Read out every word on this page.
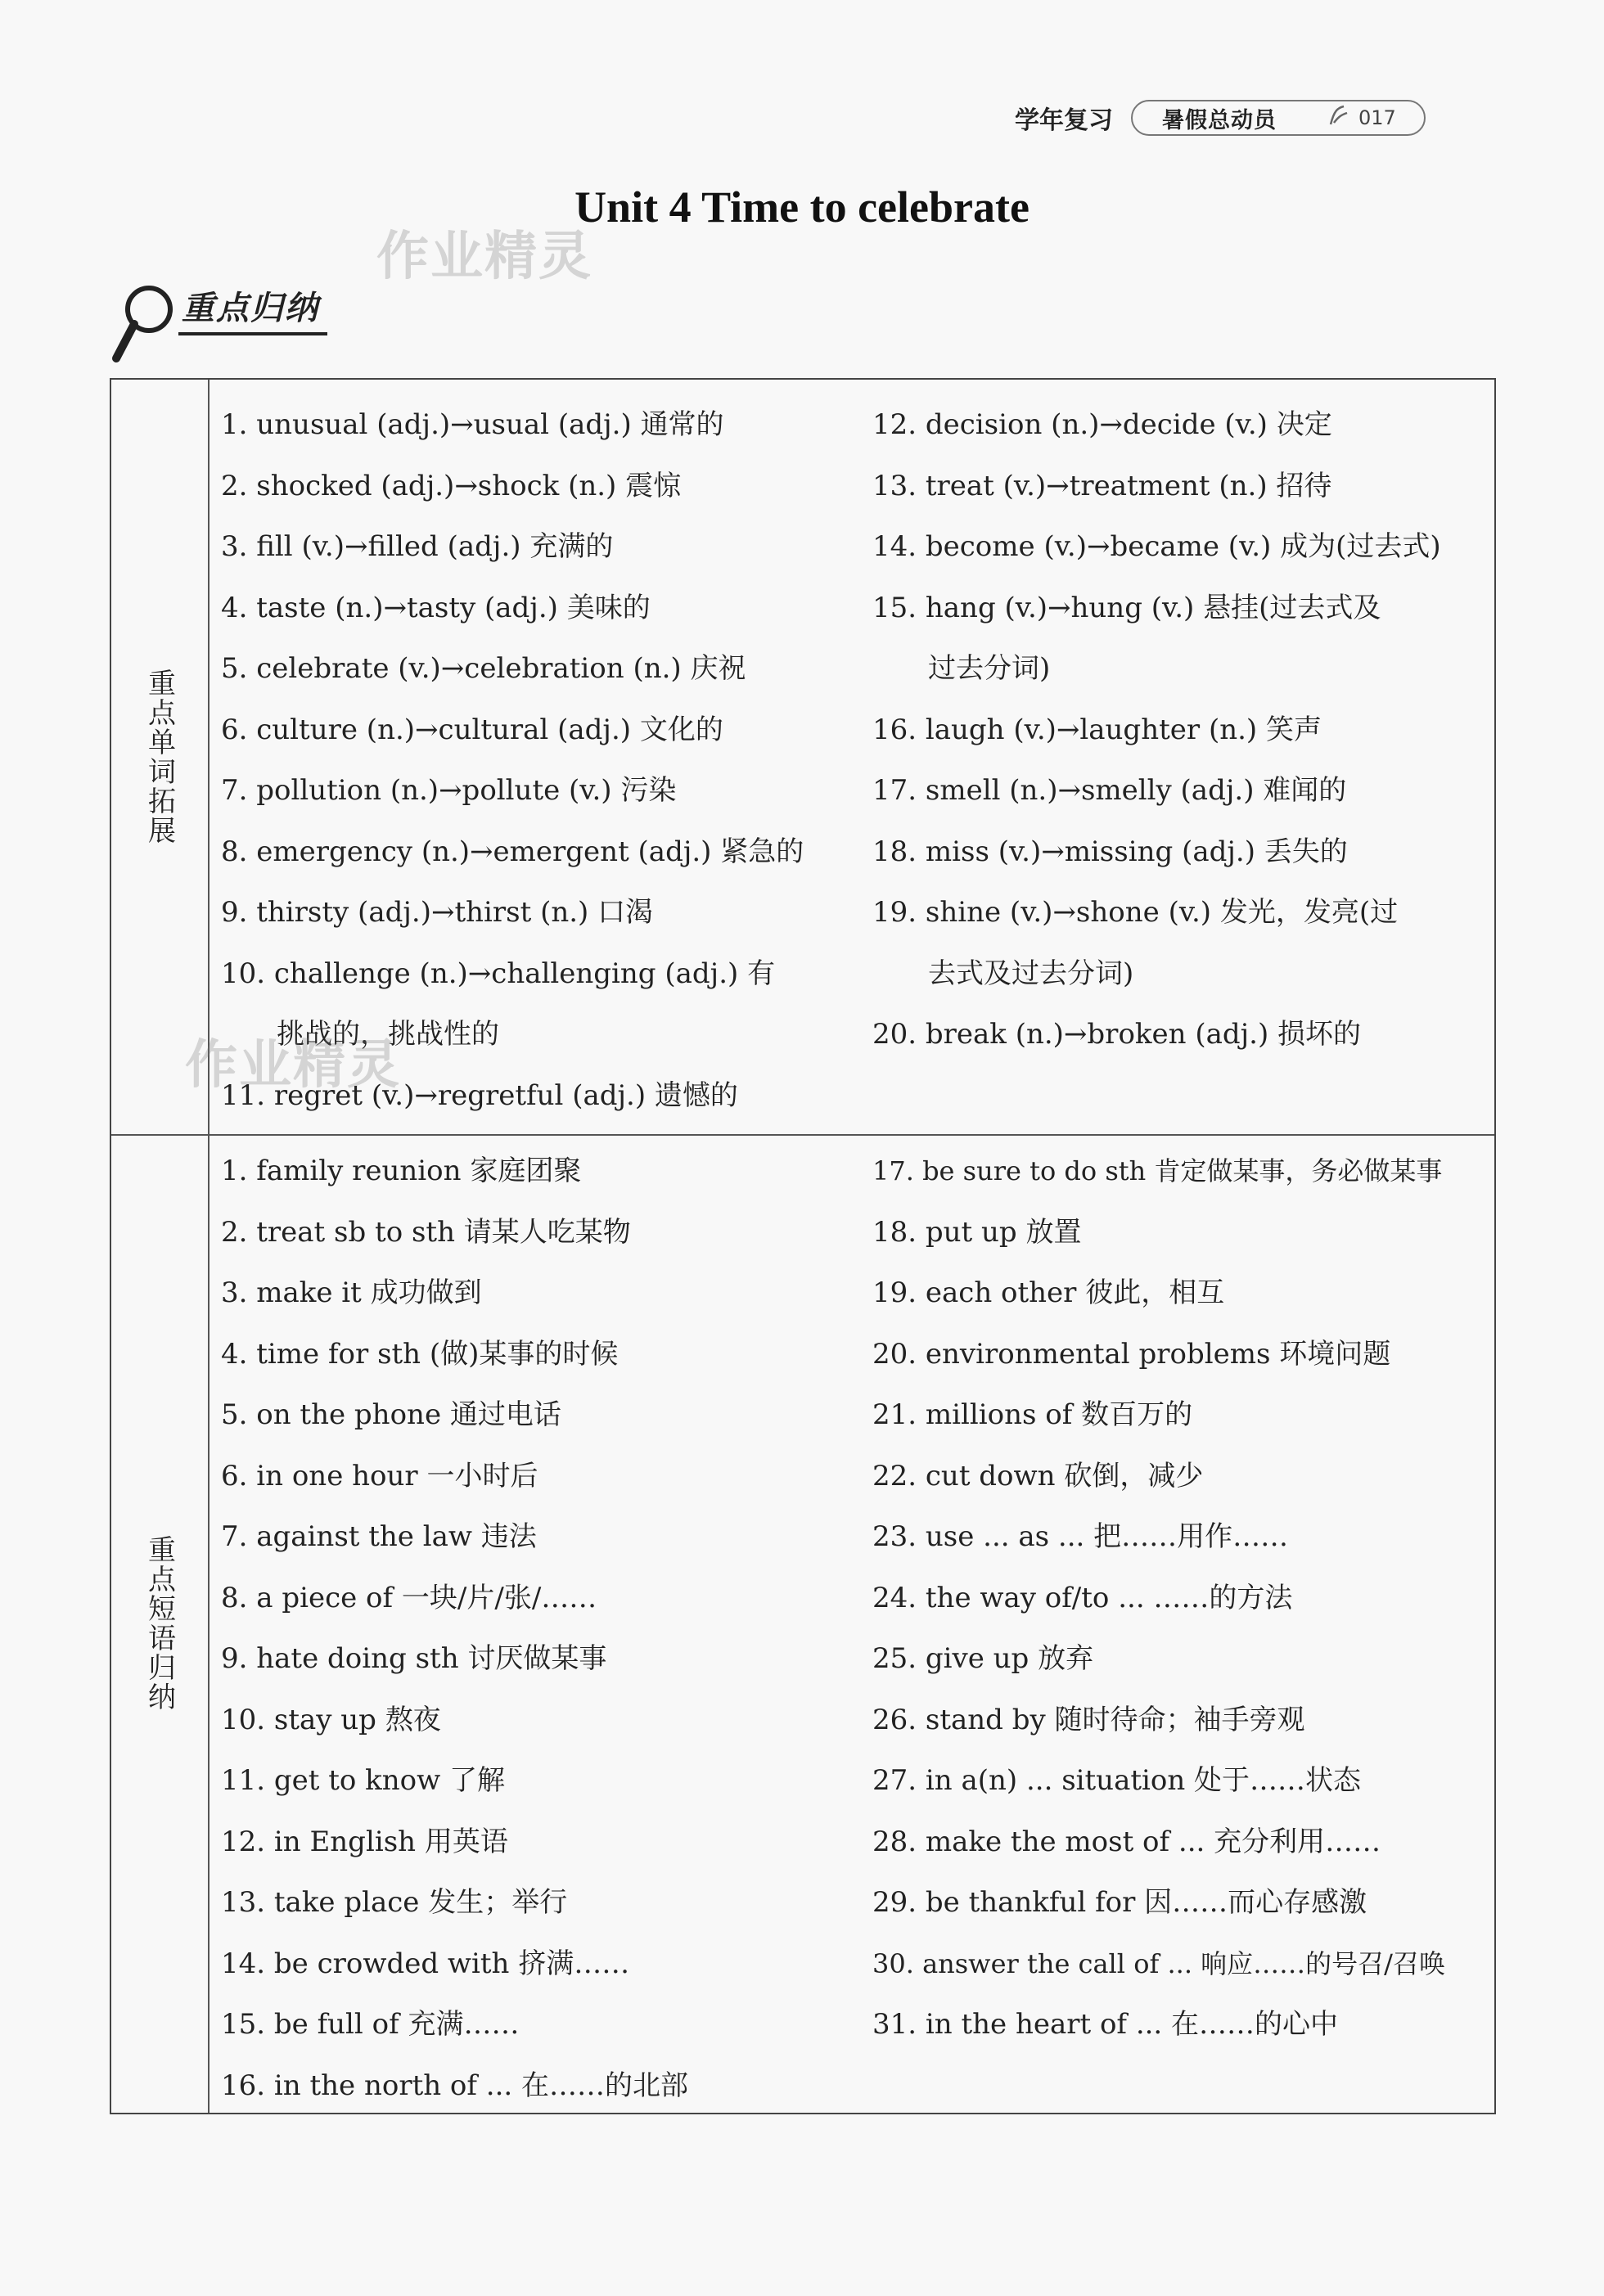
学年复习 暑假总动员	017
Unit 4 Time to celebrate
作业精灵
重点归纳
重点单词拓展
1. unusual (adj.)→usual (adj.) 通常的
2. shocked (adj.)→shock (n.) 震惊
3. fill (v.)→filled (adj.) 充满的
4. taste (n.)→tasty (adj.) 美味的
5. celebrate (v.)→celebration (n.) 庆祝
6. culture (n.)→cultural (adj.) 文化的
7. pollution (n.)→pollute (v.) 污染
8. emergency (n.)→emergent (adj.) 紧急的
9. thirsty (adj.)→thirst (n.) 口渴
10. challenge (n.)→challenging (adj.) 有
挑战的，挑战性的
11. regret (v.)→regretful (adj.) 遗憾的
12. decision (n.)→decide (v.) 决定
13. treat (v.)→treatment (n.) 招待
14. become (v.)→became (v.) 成为(过去式)
15. hang (v.)→hung (v.) 悬挂(过去式及
过去分词)
16. laugh (v.)→laughter (n.) 笑声
17. smell (n.)→smelly (adj.) 难闻的
18. miss (v.)→missing (adj.) 丢失的
19. shine (v.)→shone (v.) 发光，发亮(过
去式及过去分词)
20. break (n.)→broken (adj.) 损坏的
重点短语归纳
1. family reunion 家庭团聚
2. treat sb to sth 请某人吃某物
3. make it 成功做到
4. time for sth (做)某事的时候
5. on the phone 通过电话
6. in one hour 一小时后
7. against the law 违法
8. a piece of 一块/片/张/……
9. hate doing sth 讨厌做某事
10. stay up 熬夜
11. get to know 了解
12. in English 用英语
13. take place 发生；举行
14. be crowded with 挤满……
15. be full of 充满……
16. in the north of ... 在……的北部
17. be sure to do sth 肯定做某事，务必做某事
18. put up 放置
19. each other 彼此，相互
20. environmental problems 环境问题
21. millions of 数百万的
22. cut down 砍倒，减少
23. use ... as ... 把……用作……
24. the way of/to ... ……的方法
25. give up 放弃
26. stand by 随时待命；袖手旁观
27. in a(n) ... situation 处于……状态
28. make the most of ... 充分利用……
29. be thankful for 因……而心存感激
30. answer the call of ... 响应……的号召/召唤
31. in the heart of ... 在……的心中
作业精灵
